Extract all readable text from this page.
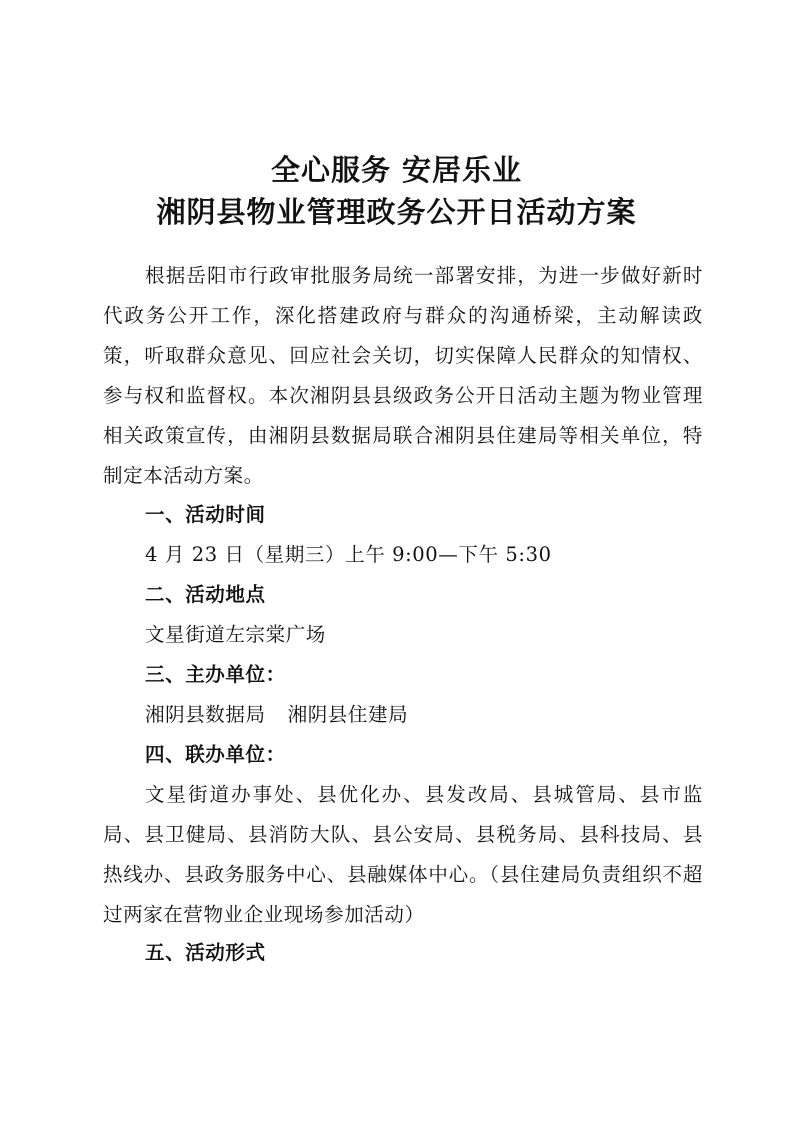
全心服务 安居乐业
湘阴县物业管理政务公开日活动方案
根据岳阳市行政审批服务局统一部署安排，为进一步做好新时代政务公开工作，深化搭建政府与群众的沟通桥梁，主动解读政策，听取群众意见、回应社会关切，切实保障人民群众的知情权、参与权和监督权。本次湘阴县县级政务公开日活动主题为物业管理相关政策宣传，由湘阴县数据局联合湘阴县住建局等相关单位，特制定本活动方案。
一、活动时间
4 月 23 日（星期三）上午 9:00—下午 5:30
二、活动地点
文星街道左宗棠广场
三、主办单位：
湘阴县数据局 湘阴县住建局
四、联办单位：
文星街道办事处、县优化办、县发改局、县城管局、县市监局、县卫健局、县消防大队、县公安局、县税务局、县科技局、县热线办、县政务服务中心、县融媒体中心。（县住建局负责组织不超过两家在营物业企业现场参加活动）
五、活动形式
